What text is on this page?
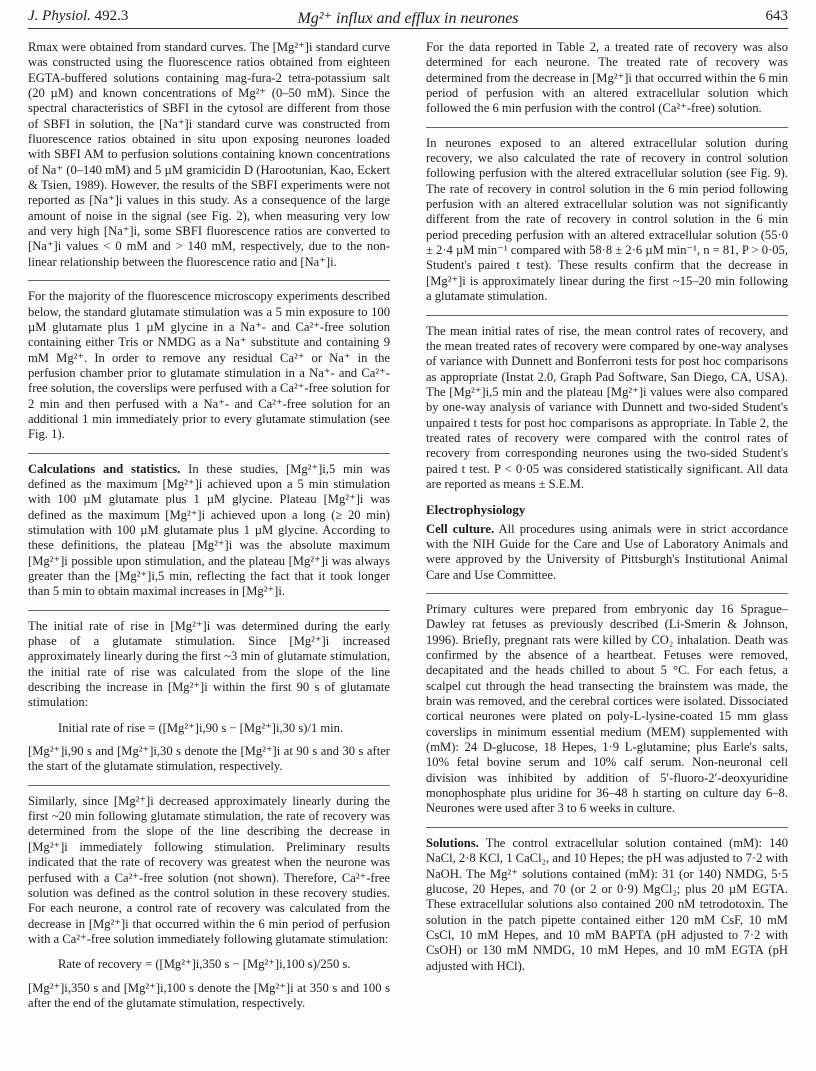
J. Physiol. 492.3	Mg²⁺ influx and efflux in neurones	643

Rmax were obtained from standard curves. The [Mg²⁺]i standard curve was constructed using the fluorescence ratios obtained from eighteen EGTA-buffered solutions containing mag-fura-2 tetra-potassium salt (20 µM) and known concentrations of Mg²⁺ (0–50 mM). Since the spectral characteristics of SBFI in the cytosol are different from those of SBFI in solution, the [Na⁺]i standard curve was constructed from fluorescence ratios obtained in situ upon exposing neurones loaded with SBFI AM to perfusion solutions containing known concentrations of Na⁺ (0–140 mM) and 5 µM gramicidin D (Harootunian, Kao, Eckert & Tsien, 1989). However, the results of the SBFI experiments were not reported as [Na⁺]i values in this study. As a consequence of the large amount of noise in the signal (see Fig. 2), when measuring very low and very high [Na⁺]i, some SBFI fluorescence ratios are converted to [Na⁺]i values < 0 mM and > 140 mM, respectively, due to the non-linear relationship between the fluorescence ratio and [Na⁺]i.

For the majority of the fluorescence microscopy experiments described below, the standard glutamate stimulation was a 5 min exposure to 100 µM glutamate plus 1 µM glycine in a Na⁺- and Ca²⁺-free solution containing either Tris or NMDG as a Na⁺ substitute and containing 9 mM Mg²⁺. In order to remove any residual Ca²⁺ or Na⁺ in the perfusion chamber prior to glutamate stimulation in a Na⁺- and Ca²⁺-free solution, the coverslips were perfused with a Ca²⁺-free solution for 2 min and then perfused with a Na⁺- and Ca²⁺-free solution for an additional 1 min immediately prior to every glutamate stimulation (see Fig. 1).

Calculations and statistics. In these studies, [Mg²⁺]i,5 min was defined as the maximum [Mg²⁺]i achieved upon a 5 min stimulation with 100 µM glutamate plus 1 µM glycine. Plateau [Mg²⁺]i was defined as the maximum [Mg²⁺]i achieved upon a long (≥ 20 min) stimulation with 100 µM glutamate plus 1 µM glycine. According to these definitions, the plateau [Mg²⁺]i was the absolute maximum [Mg²⁺]i possible upon stimulation, and the plateau [Mg²⁺]i was always greater than the [Mg²⁺]i,5 min, reflecting the fact that it took longer than 5 min to obtain maximal increases in [Mg²⁺]i.

The initial rate of rise in [Mg²⁺]i was determined during the early phase of a glutamate stimulation. Since [Mg²⁺]i increased approximately linearly during the first ~3 min of glutamate stimulation, the initial rate of rise was calculated from the slope of the line describing the increase in [Mg²⁺]i within the first 90 s of glutamate stimulation:

Initial rate of rise = ([Mg²⁺]i,90 s − [Mg²⁺]i,30 s)/1 min.

[Mg²⁺]i,90 s and [Mg²⁺]i,30 s denote the [Mg²⁺]i at 90 s and 30 s after the start of the glutamate stimulation, respectively.

Similarly, since [Mg²⁺]i decreased approximately linearly during the first ~20 min following glutamate stimulation, the rate of recovery was determined from the slope of the line describing the decrease in [Mg²⁺]i immediately following stimulation. Preliminary results indicated that the rate of recovery was greatest when the neurone was perfused with a Ca²⁺-free solution (not shown). Therefore, Ca²⁺-free solution was defined as the control solution in these recovery studies. For each neurone, a control rate of recovery was calculated from the decrease in [Mg²⁺]i that occurred within the 6 min period of perfusion with a Ca²⁺-free solution immediately following glutamate stimulation:

Rate of recovery = ([Mg²⁺]i,350 s − [Mg²⁺]i,100 s)/250 s.

[Mg²⁺]i,350 s and [Mg²⁺]i,100 s denote the [Mg²⁺]i at 350 s and 100 s after the end of the glutamate stimulation, respectively.

For the data reported in Table 2, a treated rate of recovery was also determined for each neurone. The treated rate of recovery was determined from the decrease in [Mg²⁺]i that occurred within the 6 min period of perfusion with an altered extracellular solution which followed the 6 min perfusion with the control (Ca²⁺-free) solution.

In neurones exposed to an altered extracellular solution during recovery, we also calculated the rate of recovery in control solution following perfusion with the altered extracellular solution (see Fig. 9). The rate of recovery in control solution in the 6 min period following perfusion with an altered extracellular solution was not significantly different from the rate of recovery in control solution in the 6 min period preceding perfusion with an altered extracellular solution (55·0 ± 2·4 µM min⁻¹ compared with 58·8 ± 2·6 µM min⁻¹, n = 81, P > 0·05, Student's paired t test). These results confirm that the decrease in [Mg²⁺]i is approximately linear during the first ~15–20 min following a glutamate stimulation.

The mean initial rates of rise, the mean control rates of recovery, and the mean treated rates of recovery were compared by one-way analyses of variance with Dunnett and Bonferroni tests for post hoc comparisons as appropriate (Instat 2.0, Graph Pad Software, San Diego, CA, USA). The [Mg²⁺]i,5 min and the plateau [Mg²⁺]i values were also compared by one-way analysis of variance with Dunnett and two-sided Student's unpaired t tests for post hoc comparisons as appropriate. In Table 2, the treated rates of recovery were compared with the control rates of recovery from corresponding neurones using the two-sided Student's paired t test. P < 0·05 was considered statistically significant. All data are reported as means ± S.E.M.

Electrophysiology

Cell culture. All procedures using animals were in strict accordance with the NIH Guide for the Care and Use of Laboratory Animals and were approved by the University of Pittsburgh's Institutional Animal Care and Use Committee.

Primary cultures were prepared from embryonic day 16 Sprague–Dawley rat fetuses as previously described (Li-Smerin & Johnson, 1996). Briefly, pregnant rats were killed by CO₂ inhalation. Death was confirmed by the absence of a heartbeat. Fetuses were removed, decapitated and the heads chilled to about 5 °C. For each fetus, a scalpel cut through the head transecting the brainstem was made, the brain was removed, and the cerebral cortices were isolated. Dissociated cortical neurones were plated on poly-L-lysine-coated 15 mm glass coverslips in minimum essential medium (MEM) supplemented with (mM): 24 D-glucose, 18 Hepes, 1·9 L-glutamine; plus Earle's salts, 10% fetal bovine serum and 10% calf serum. Non-neuronal cell division was inhibited by addition of 5′-fluoro-2′-deoxyuridine monophosphate plus uridine for 36–48 h starting on culture day 6–8. Neurones were used after 3 to 6 weeks in culture.

Solutions. The control extracellular solution contained (mM): 140 NaCl, 2·8 KCl, 1 CaCl₂, and 10 Hepes; the pH was adjusted to 7·2 with NaOH. The Mg²⁺ solutions contained (mM): 31 (or 140) NMDG, 5·5 glucose, 20 Hepes, and 70 (or 2 or 0·9) MgCl₂; plus 20 µM EGTA. These extracellular solutions also contained 200 nM tetrodotoxin. The solution in the patch pipette contained either 120 mM CsF, 10 mM CsCl, 10 mM Hepes, and 10 mM BAPTA (pH adjusted to 7·2 with CsOH) or 130 mM NMDG, 10 mM Hepes, and 10 mM EGTA (pH adjusted with HCl).
